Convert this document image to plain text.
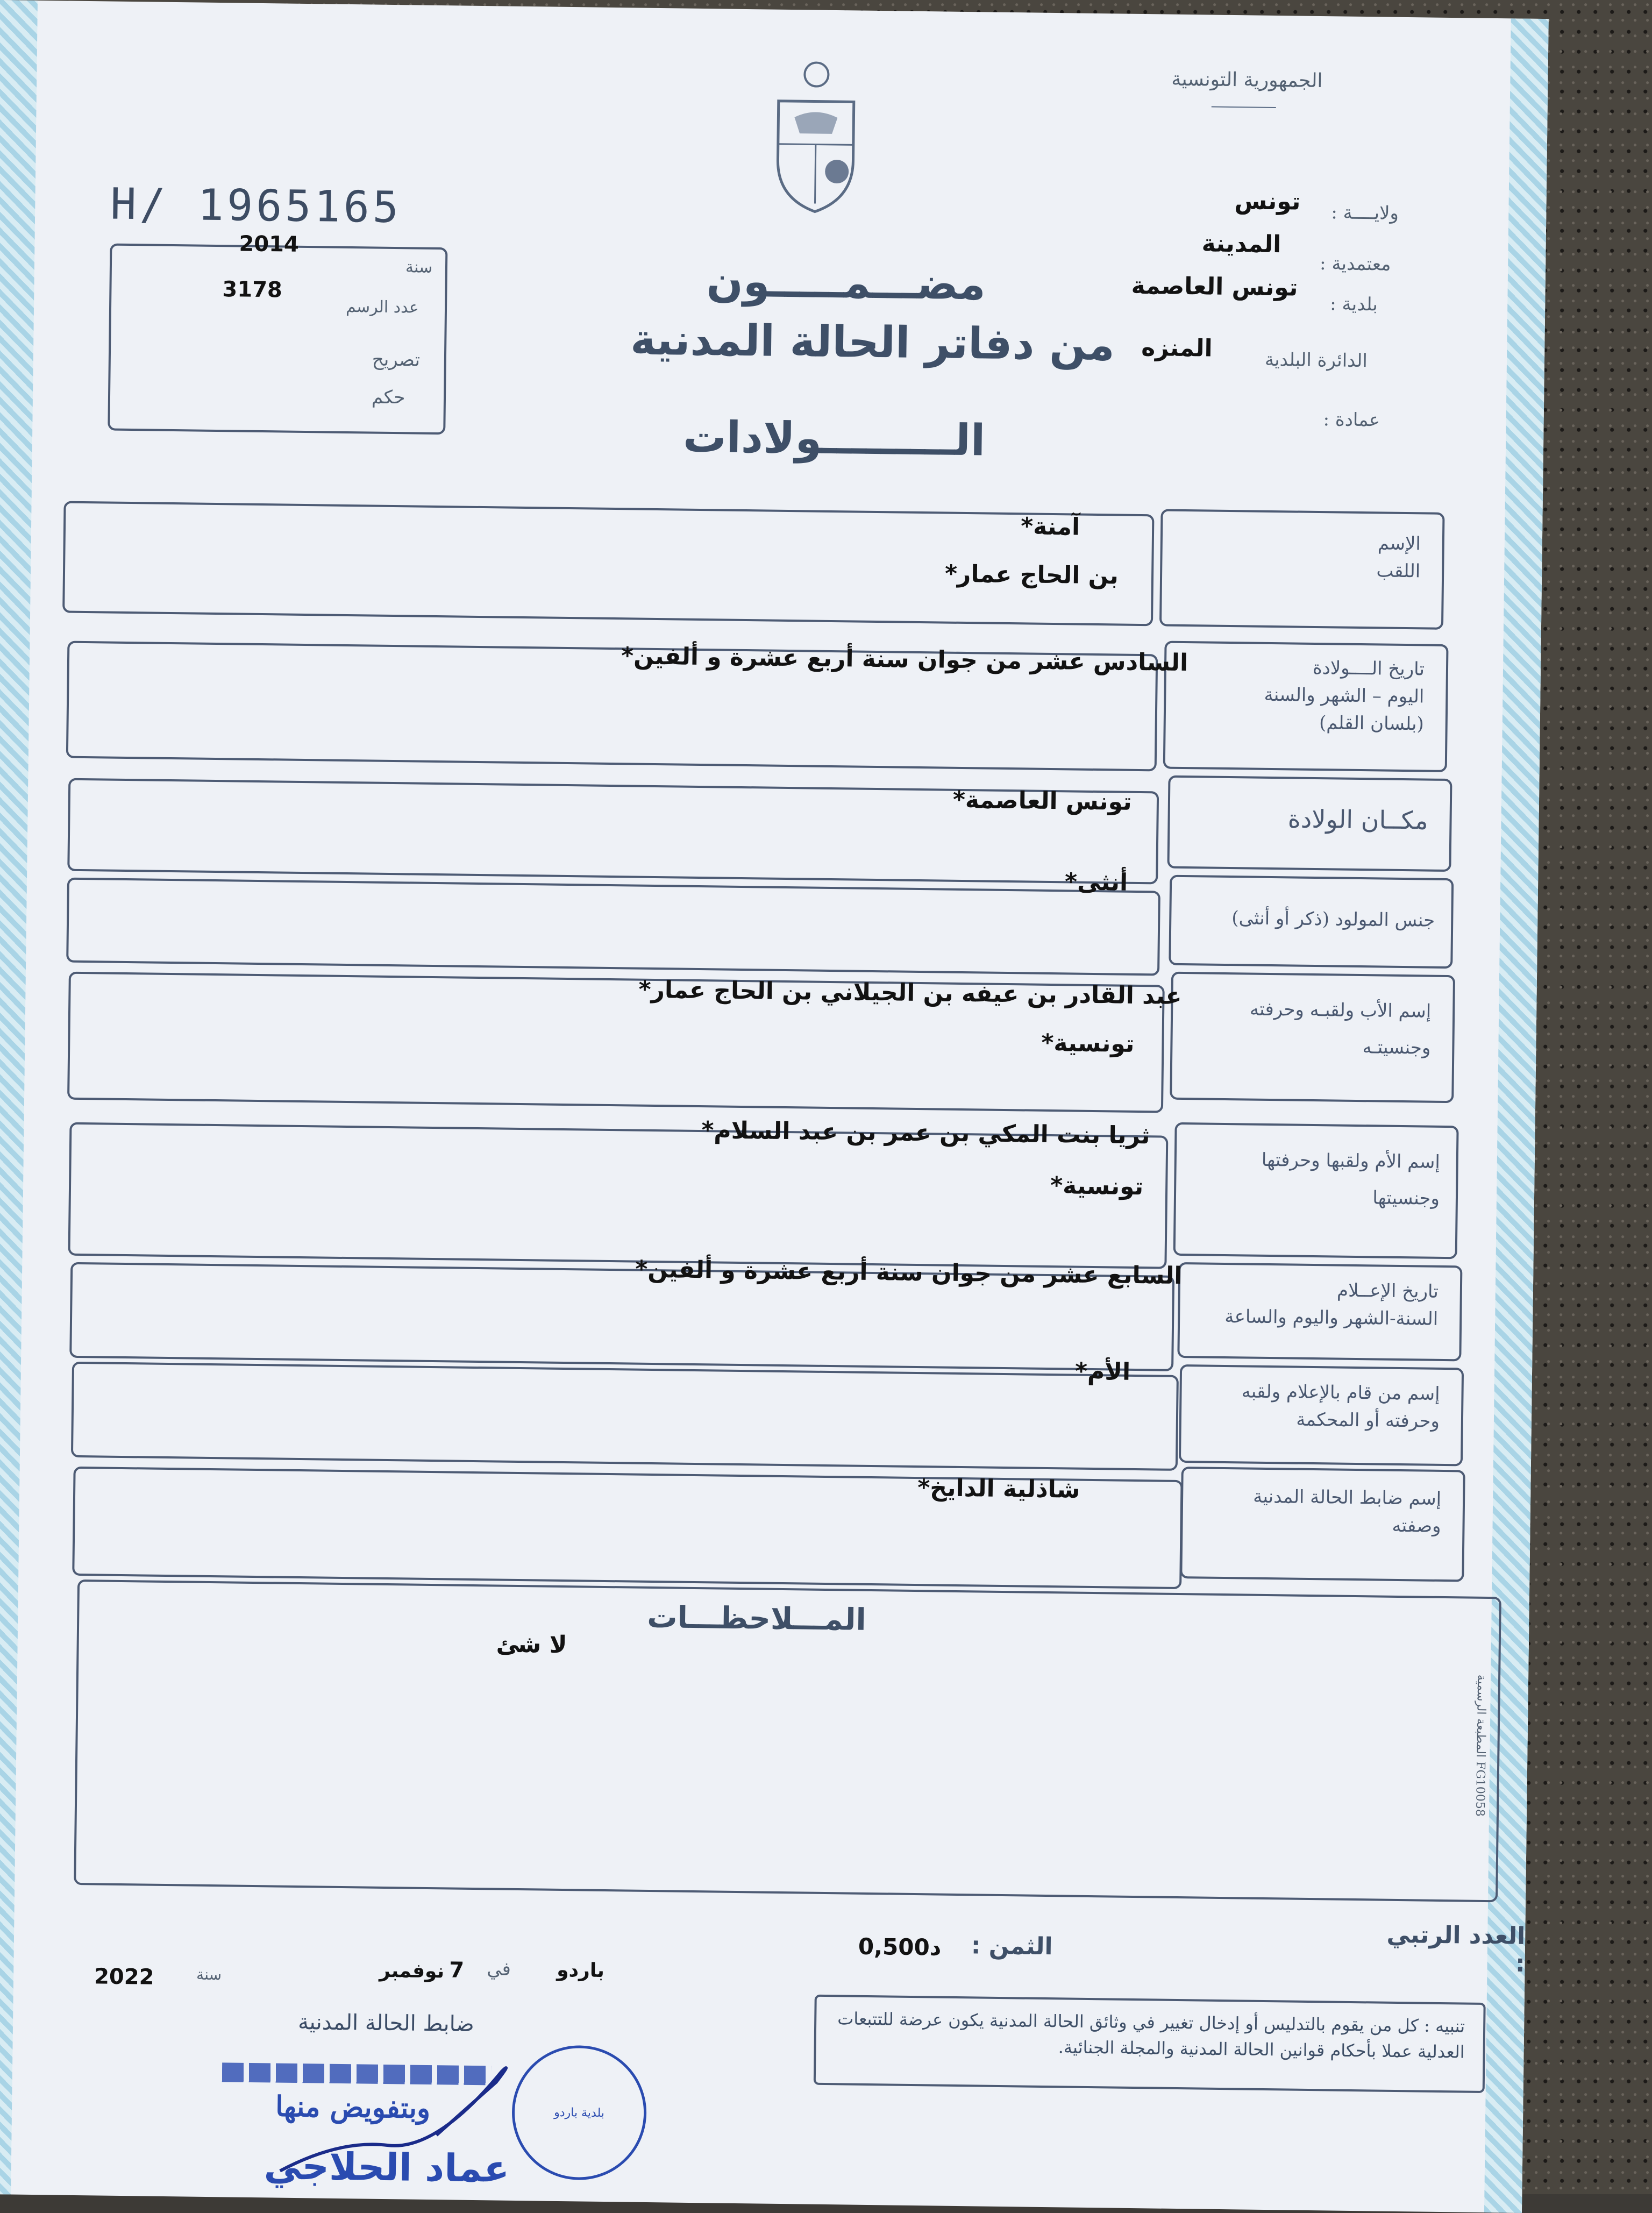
الجمهورية التونسية
H/ 1965165
2014
سنة
3178
عدد الرسم
تصريح
حكم
مضـــمـــــون
من دفاتر الحالة المدنية
الـــــــــولادات
ولايــــة :
تونس
المدينة
معتمدية :
تونس العاصمة
بلدية :
المنزه	الدائرة البلدية
عمادة :
الإسم
اللقب
آمنة*
بن الحاج عمار*
تاريخ الــــولادة
اليوم – الشهر والسنة
(بلسان القلم)
السادس عشر من جوان سنة أربع عشرة و ألفين*
مكــان الولادة
تونس العاصمة*
جنس المولود (ذكر أو أنثى)
أنثى*
إسم الأب ولقبـه وحرفته
وجنسيتـه
عبد القادر بن عيفه بن الجيلاني بن الحاج عمار*
تونسية*
إسم الأم ولقبها وحرفتها
وجنسيتها
ثريا بنت المكي بن عمر بن عبد السلام*
تونسية*
تاريخ الإعــلام
السنة-الشهر واليوم والساعة
السابع عشر من جوان سنة أربع عشرة و ألفين*
إسم من قام بالإعلام ولقبه
وحرفته أو المحكمة
الأم*
إسم ضابط الحالة المدنية
وصفته
شاذلية الدايخ*
المـــلاحظـــات
لا شئ
المطبعة الرسمية FG10058
العدد الرتبي :
الثمن :
0,500د
باردو
في
7
نوفمبر
سنة
2022
ضابط الحالة المدنية	تنبيه : كل من يقوم بالتدليس أو إدخال تغيير في وثائق الحالة المدنية يكون عرضة للتتبعات العدلية عملا بأحكام قوانين الحالة المدنية والمجلة الجنائية.
وبتفويض منها
عماد الحلاجي
بلدية باردو
